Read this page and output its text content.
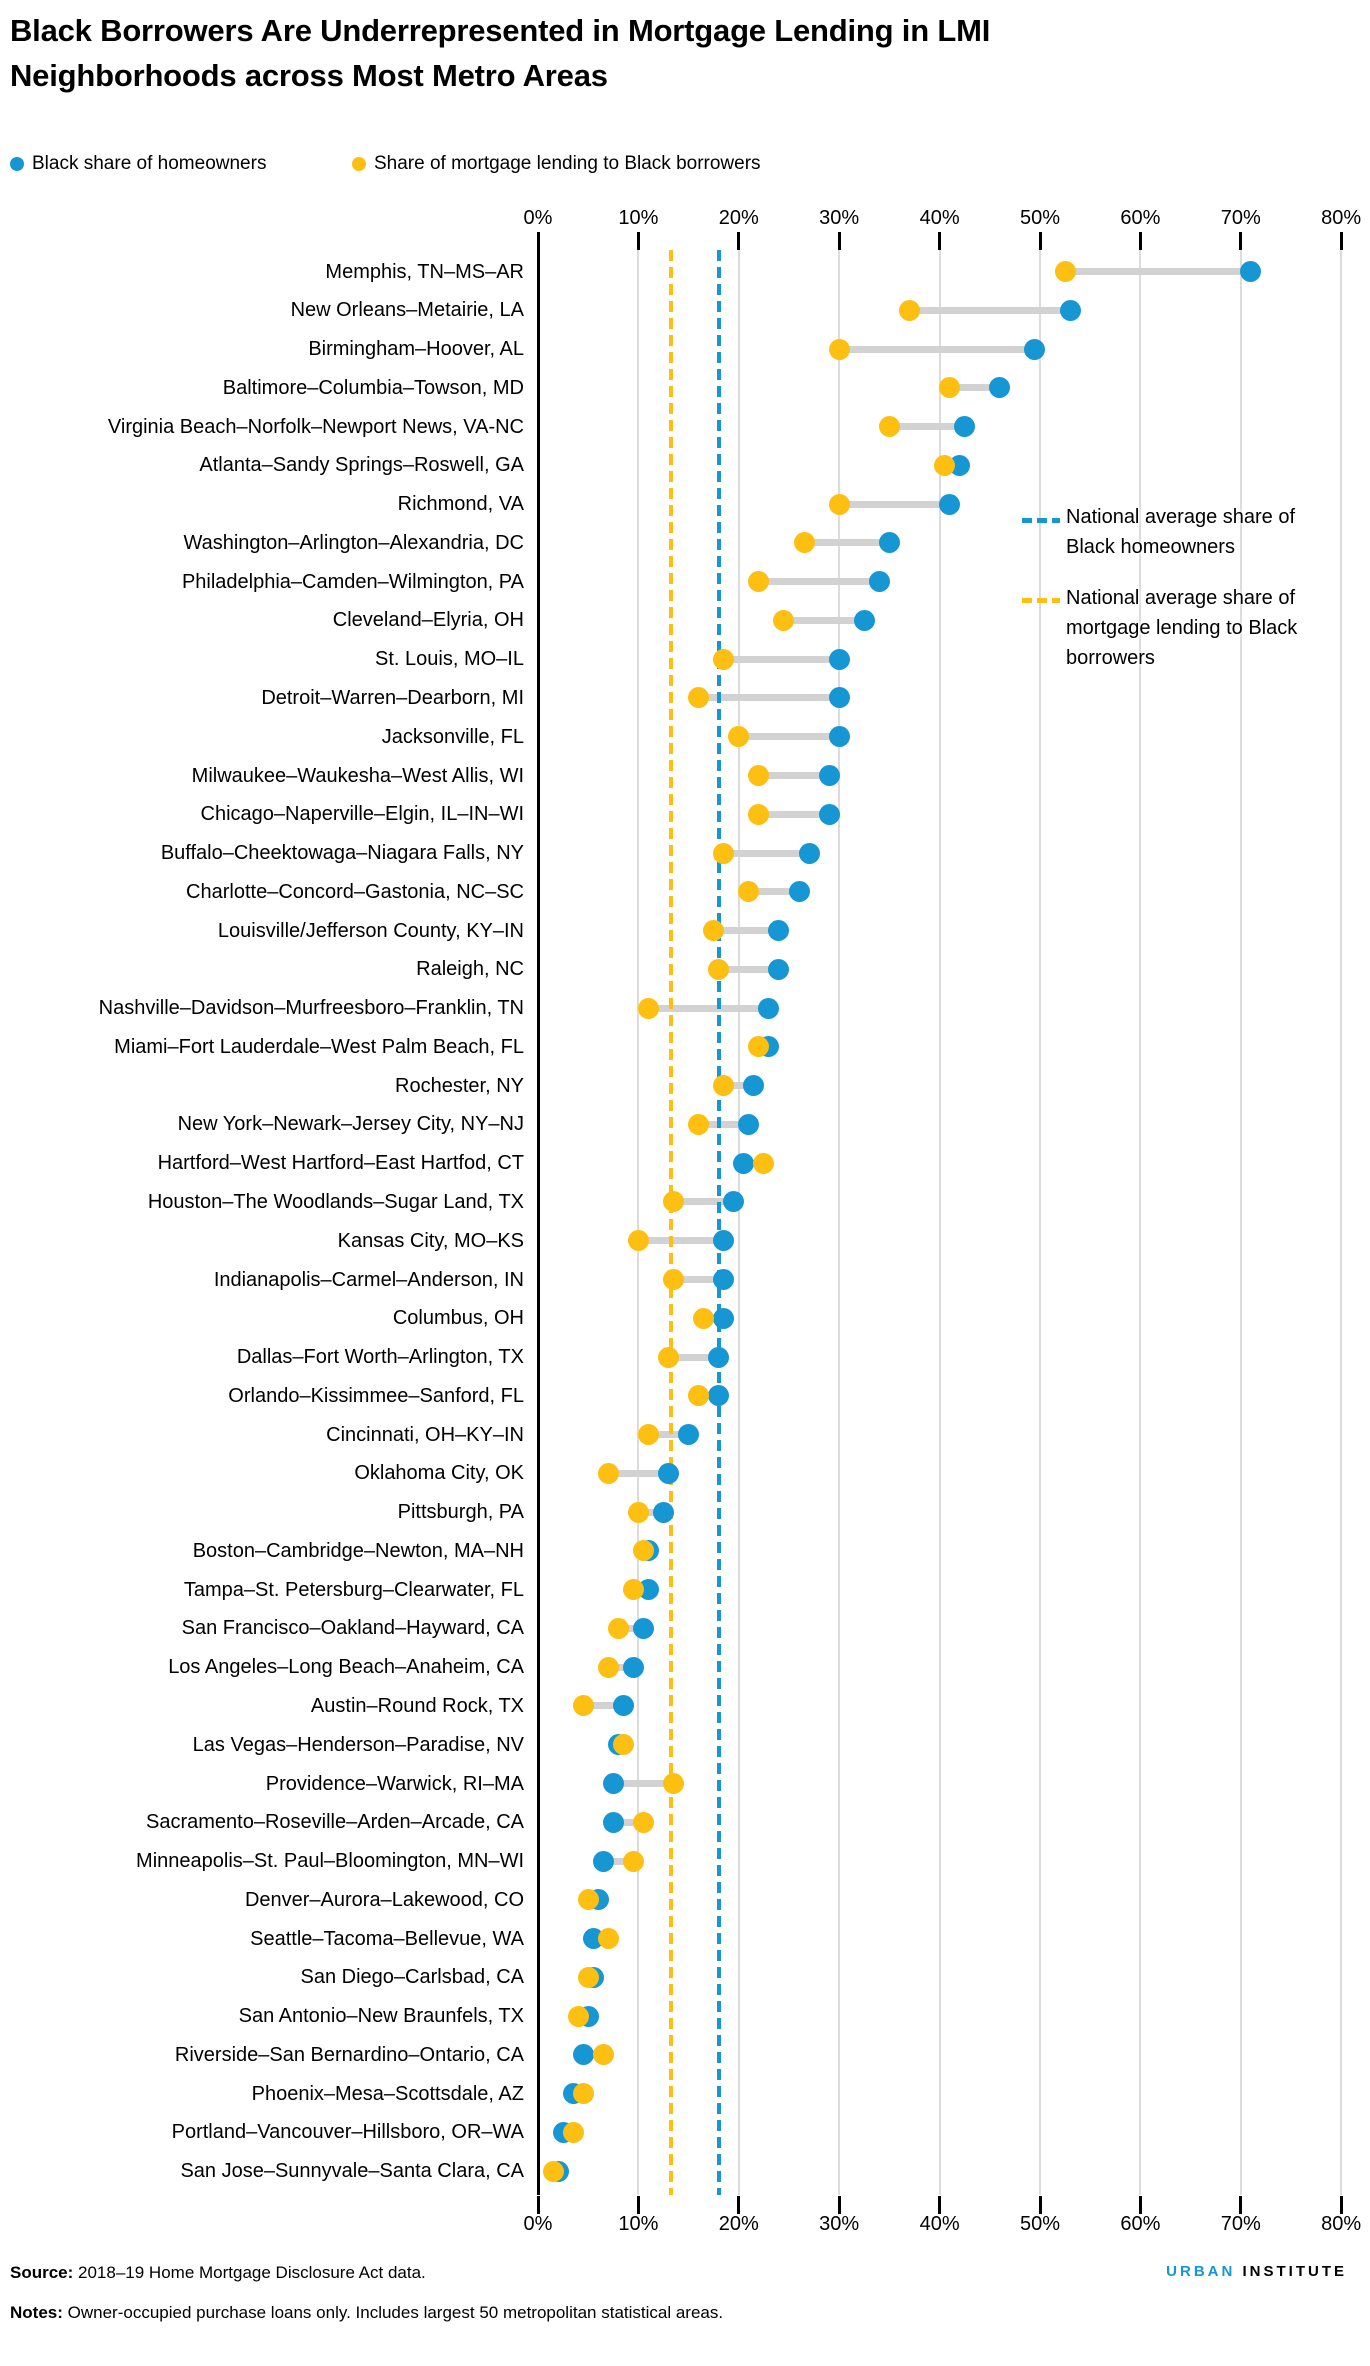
Black Borrowers Are Underrepresented in Mortgage Lending in LMI Neighborhoods across Most Metro Areas
Black share of homeowners	Share of mortgage lending to Black borrowers
0%
0%
10%
10%
20%
20%
30%
30%
40%
40%
50%
50%
60%
60%
70%
70%
80%
80%
Memphis, TN–MS–AR
New Orleans–Metairie, LA
Birmingham–Hoover, AL
Baltimore–Columbia–Towson, MD
Virginia Beach–Norfolk–Newport News, VA-NC
Atlanta–Sandy Springs–Roswell, GA
Richmond, VA
Washington–Arlington–Alexandria, DC
Philadelphia–Camden–Wilmington, PA
Cleveland–Elyria, OH
St. Louis, MO–IL
Detroit–Warren–Dearborn, MI
Jacksonville, FL
Milwaukee–Waukesha–West Allis, WI
Chicago–Naperville–Elgin, IL–IN–WI
Buffalo–Cheektowaga–Niagara Falls, NY
Charlotte–Concord–Gastonia, NC–SC
Louisville/Jefferson County, KY–IN
Raleigh, NC
Nashville–Davidson–Murfreesboro–Franklin, TN
Miami–Fort Lauderdale–West Palm Beach, FL
Rochester, NY
New York–Newark–Jersey City, NY–NJ
Hartford–West Hartford–East Hartfod, CT
Houston–The Woodlands–Sugar Land, TX
Kansas City, MO–KS
Indianapolis–Carmel–Anderson, IN
Columbus, OH
Dallas–Fort Worth–Arlington, TX
Orlando–Kissimmee–Sanford, FL
Cincinnati, OH–KY–IN
Oklahoma City, OK
Pittsburgh, PA
Boston–Cambridge–Newton, MA–NH
Tampa–St. Petersburg–Clearwater, FL
San Francisco–Oakland–Hayward, CA
Los Angeles–Long Beach–Anaheim, CA
Austin–Round Rock, TX
Las Vegas–Henderson–Paradise, NV
Providence–Warwick, RI–MA
Sacramento–Roseville–Arden–Arcade, CA
Minneapolis–St. Paul–Bloomington, MN–WI
Denver–Aurora–Lakewood, CO
Seattle–Tacoma–Bellevue, WA
San Diego–Carlsbad, CA
San Antonio–New Braunfels, TX
Riverside–San Bernardino–Ontario, CA
Phoenix–Mesa–Scottsdale, AZ
Portland–Vancouver–Hillsboro, OR–WA
San Jose–Sunnyvale–Santa Clara, CA
National average share of Black homeowners
National average share of mortgage lending to Black borrowers
Source: 2018–19 Home Mortgage Disclosure Act data.
Notes: Owner-occupied purchase loans only. Includes largest 50 metropolitan statistical areas.
URBAN INSTITUTE
